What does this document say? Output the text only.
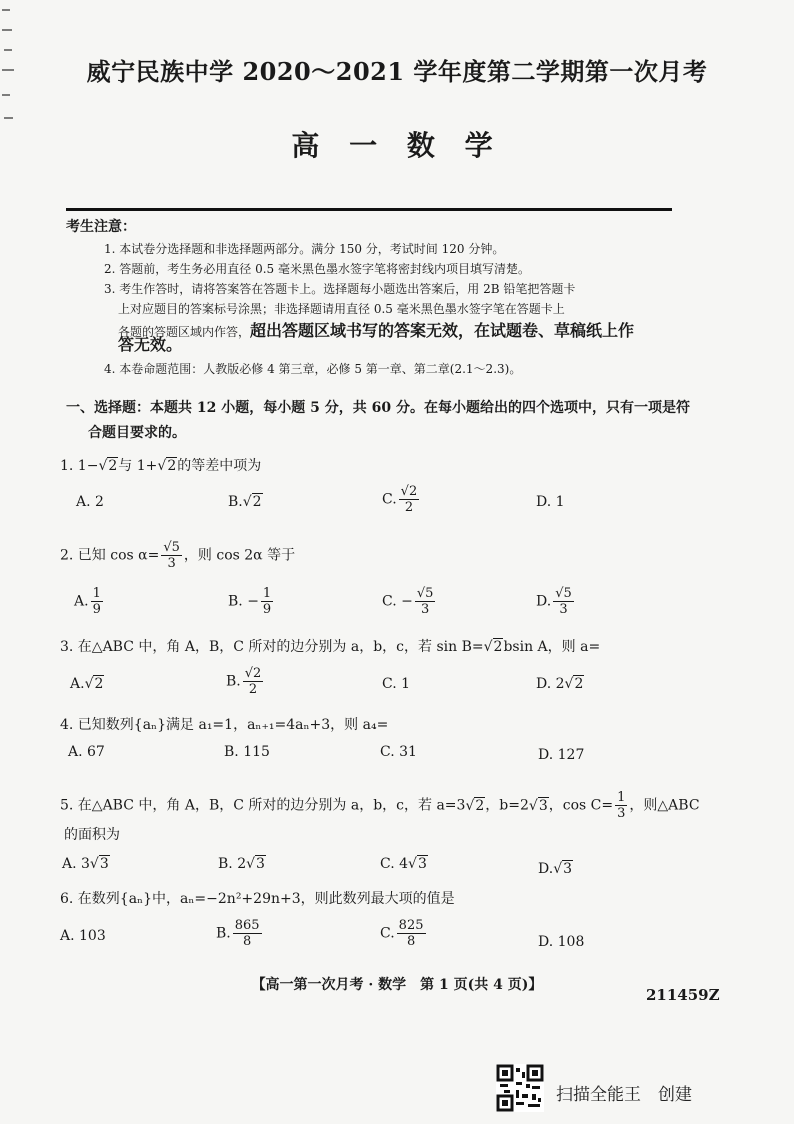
威宁民族中学 2020～2021 学年度第二学期第一次月考
高 一 数 学
考生注意：
1. 本试卷分选择题和非选择题两部分。满分 150 分，考试时间 120 分钟。
2. 答题前，考生务必用直径 0.5 毫米黑色墨水签字笔将密封线内项目填写清楚。
3. 考生作答时，请将答案答在答题卡上。选择题每小题选出答案后，用 2B 铅笔把答题卡
上对应题目的答案标号涂黑；非选择题请用直径 0.5 毫米黑色墨水签字笔在答题卡上
各题的答题区域内作答，超出答题区域书写的答案无效，在试题卷、草稿纸上作
答无效。
4. 本卷命题范围：人教版必修 4 第三章，必修 5 第一章、第二章(2.1～2.3)。
一、选择题：本题共 12 小题，每小题 5 分，共 60 分。在每小题给出的四个选项中，只有一项是符
合题目要求的。
1. 1−√2与 1+√2的等差中项为
A. 2	B.√2	C. $\frac{√2}{2}$	D. 1
2. 已知 $\cos \alpha= \frac{√5}{3}$ ，则 cos 2α 等于
A. $\frac{1}{9}$	B. − $\frac{1}{9}$	C. − $\frac{√5}{3}$	D. $\frac{√5}{3}$
3. 在△ABC 中，角 A，B，C 所对的边分别为 a，b，c，若 sin B=√2bsin A，则 a=
A.√2	B. $\frac{√2}{2}$	C. 1	D. 2√2
4. 已知数列{aₙ}满足 a₁=1，aₙ₊₁=4aₙ+3，则 a₄=
A. 67	B. 115	C. 31	D. 127
5. 在△ABC 中，角 A，B，C 所对的边分别为 a，b，c，若 a=3√2，b=2√3，$\cos C= \frac{1}{3}$ ，则△ABC
的面积为
A. 3√3	B. 2√3	C. 4√3	D.√3
6. 在数列{aₙ}中，aₙ=−2n²+29n+3，则此数列最大项的值是
A. 103	B. $\frac{865}{8}$	C. $\frac{825}{8}$	D. 108
【高一第一次月考 · 数学　第 1 页(共 4 页)】
211459Z
扫描全能王　创建
